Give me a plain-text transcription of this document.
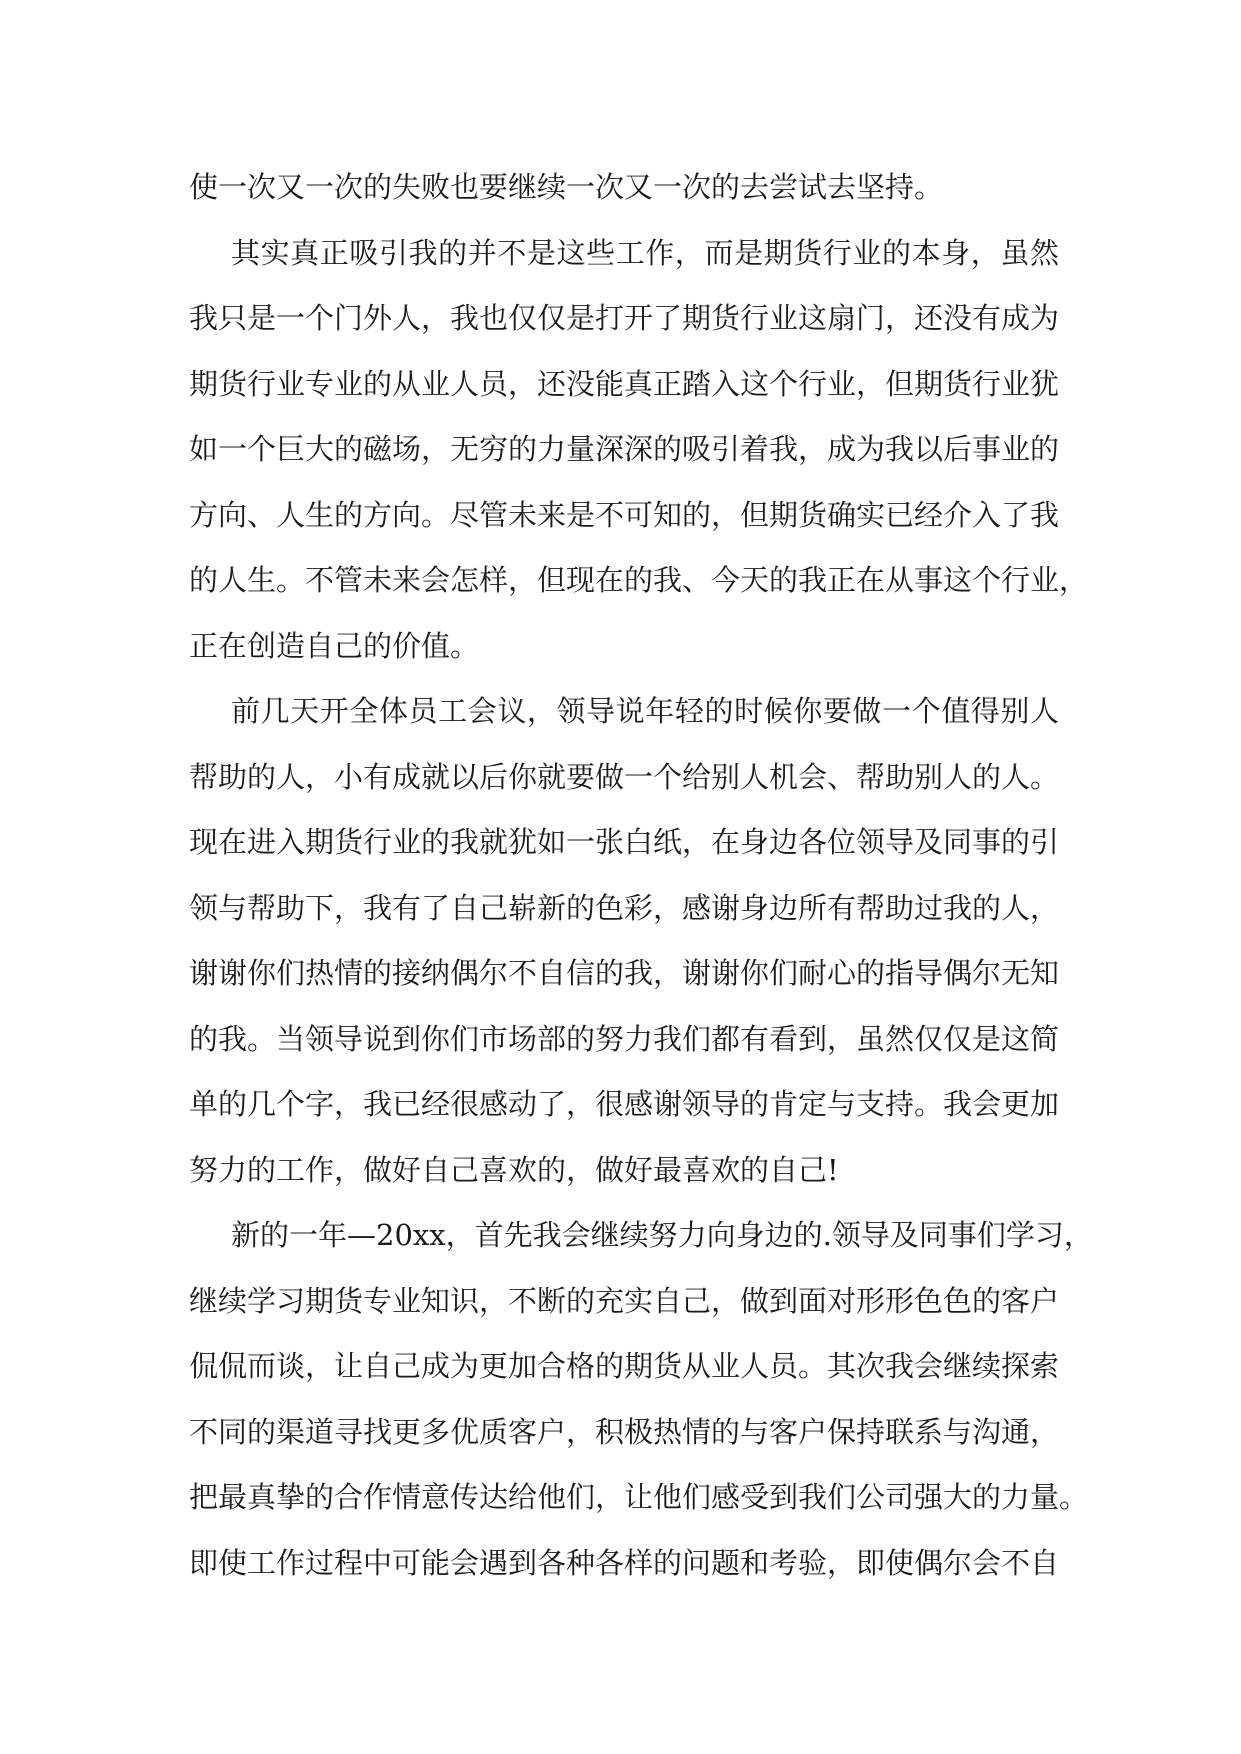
使一次又一次的失败也要继续一次又一次的去尝试去坚持。
其实真正吸引我的并不是这些工作，而是期货行业的本身，虽然
我只是一个门外人，我也仅仅是打开了期货行业这扇门，还没有成为
期货行业专业的从业人员，还没能真正踏入这个行业，但期货行业犹
如一个巨大的磁场，无穷的力量深深的吸引着我，成为我以后事业的
方向、人生的方向。尽管未来是不可知的，但期货确实已经介入了我
的人生。不管未来会怎样，但现在的我、今天的我正在从事这个行业，
正在创造自己的价值。
前几天开全体员工会议，领导说年轻的时候你要做一个值得别人
帮助的人，小有成就以后你就要做一个给别人机会、帮助别人的人。
现在进入期货行业的我就犹如一张白纸，在身边各位领导及同事的引
领与帮助下，我有了自己崭新的色彩，感谢身边所有帮助过我的人，
谢谢你们热情的接纳偶尔不自信的我，谢谢你们耐心的指导偶尔无知
的我。当领导说到你们市场部的努力我们都有看到，虽然仅仅是这简
单的几个字，我已经很感动了，很感谢领导的肯定与支持。我会更加
努力的工作，做好自己喜欢的，做好最喜欢的自己!
新的一年—20xx，首先我会继续努力向身边的.领导及同事们学习，
继续学习期货专业知识，不断的充实自己，做到面对形形色色的客户
侃侃而谈，让自己成为更加合格的期货从业人员。其次我会继续探索
不同的渠道寻找更多优质客户，积极热情的与客户保持联系与沟通，
把最真挚的合作情意传达给他们，让他们感受到我们公司强大的力量。
即使工作过程中可能会遇到各种各样的问题和考验，即使偶尔会不自
